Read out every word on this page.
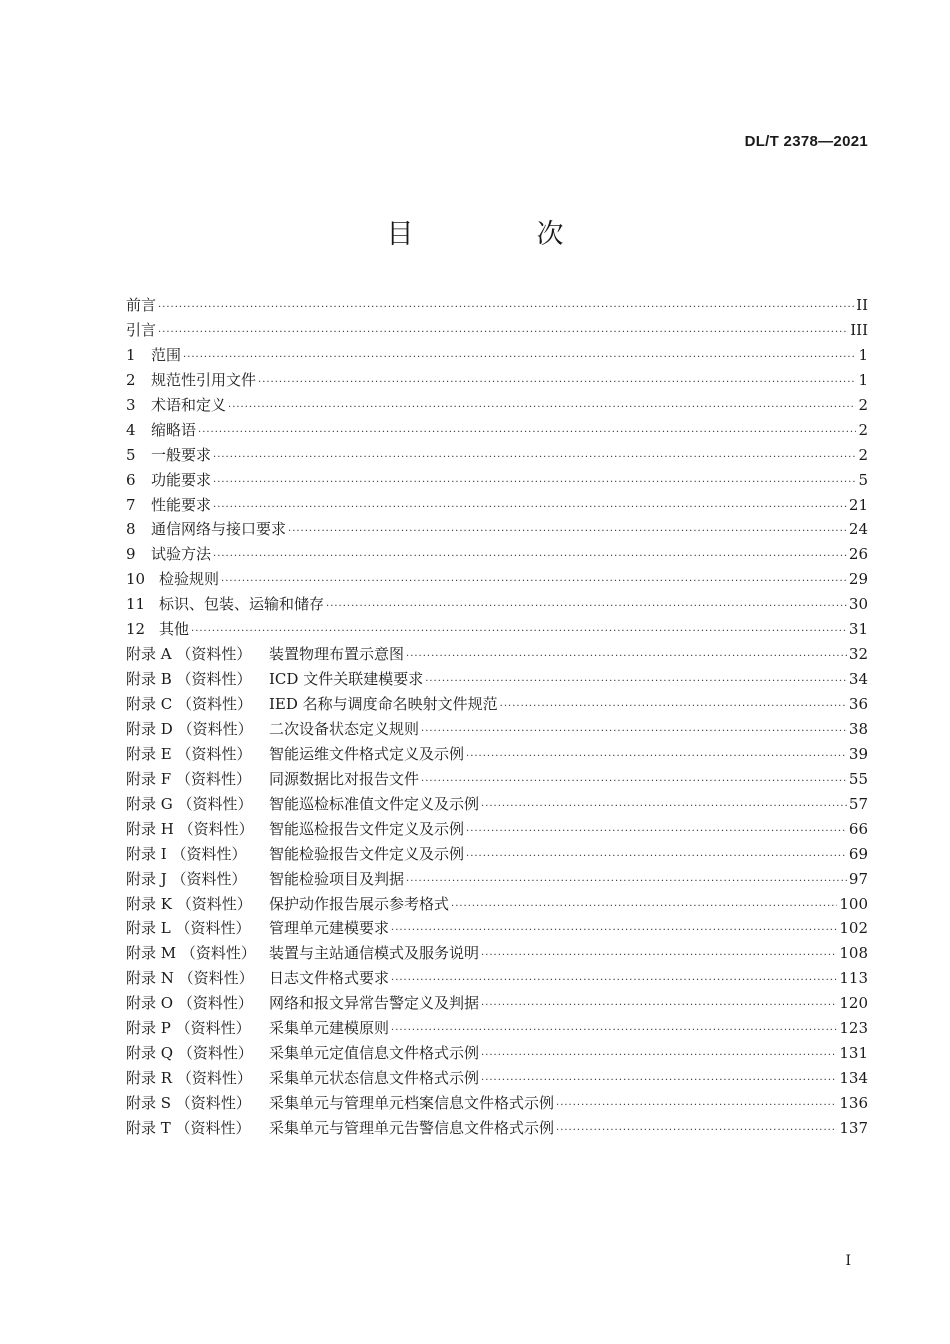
DL/T 2378—2021
目　次
前言 ·····	II
引言 ·····	III
1	范围 ·····	1
2	规范性引用文件 ·····	1
3	术语和定义 ·····	2
4	缩略语 ·····	2
5	一般要求 ·····	2
6	功能要求 ·····	5
7	性能要求 ·····	21
8	通信网络与接口要求 ·····	24
9	试验方法 ·····	26
10 检验规则 ·····	29
11 标识、包装、运输和储存 ·····	30
12 其他 ·····	31
附录 A （资料性）	装置物理布置示意图 ·····	32
附录 B （资料性）	ICD 文件关联建模要求 ·····	34
附录 C （资料性）	IED 名称与调度命名映射文件规范 ·····	36
附录 D （资料性）	二次设备状态定义规则 ·····	38
附录 E （资料性）	智能运维文件格式定义及示例 ·····	39
附录 F （资料性）	同源数据比对报告文件 ·····	55
附录 G （资料性）	智能巡检标准值文件定义及示例 ·····	57
附录 H （资料性）	智能巡检报告文件定义及示例 ·····	66
附录 I （资料性）	智能检验报告文件定义及示例 ·····	69
附录 J （资料性）	智能检验项目及判据 ·····	97
附录 K （资料性）	保护动作报告展示参考格式 ·····	100
附录 L （资料性）	管理单元建模要求 ·····	102
附录 M （资料性） 装置与主站通信模式及服务说明 ·····	108
附录 N （资料性）	日志文件格式要求 ·····	113
附录 O （资料性）	网络和报文异常告警定义及判据 ·····	120
附录 P （资料性）	采集单元建模原则 ·····	123
附录 Q （资料性）	采集单元定值信息文件格式示例 ·····	131
附录 R （资料性）	采集单元状态信息文件格式示例 ·····	134
附录 S （资料性）	采集单元与管理单元档案信息文件格式示例 ·····	136
附录 T （资料性）	采集单元与管理单元告警信息文件格式示例 ·····	137
I
